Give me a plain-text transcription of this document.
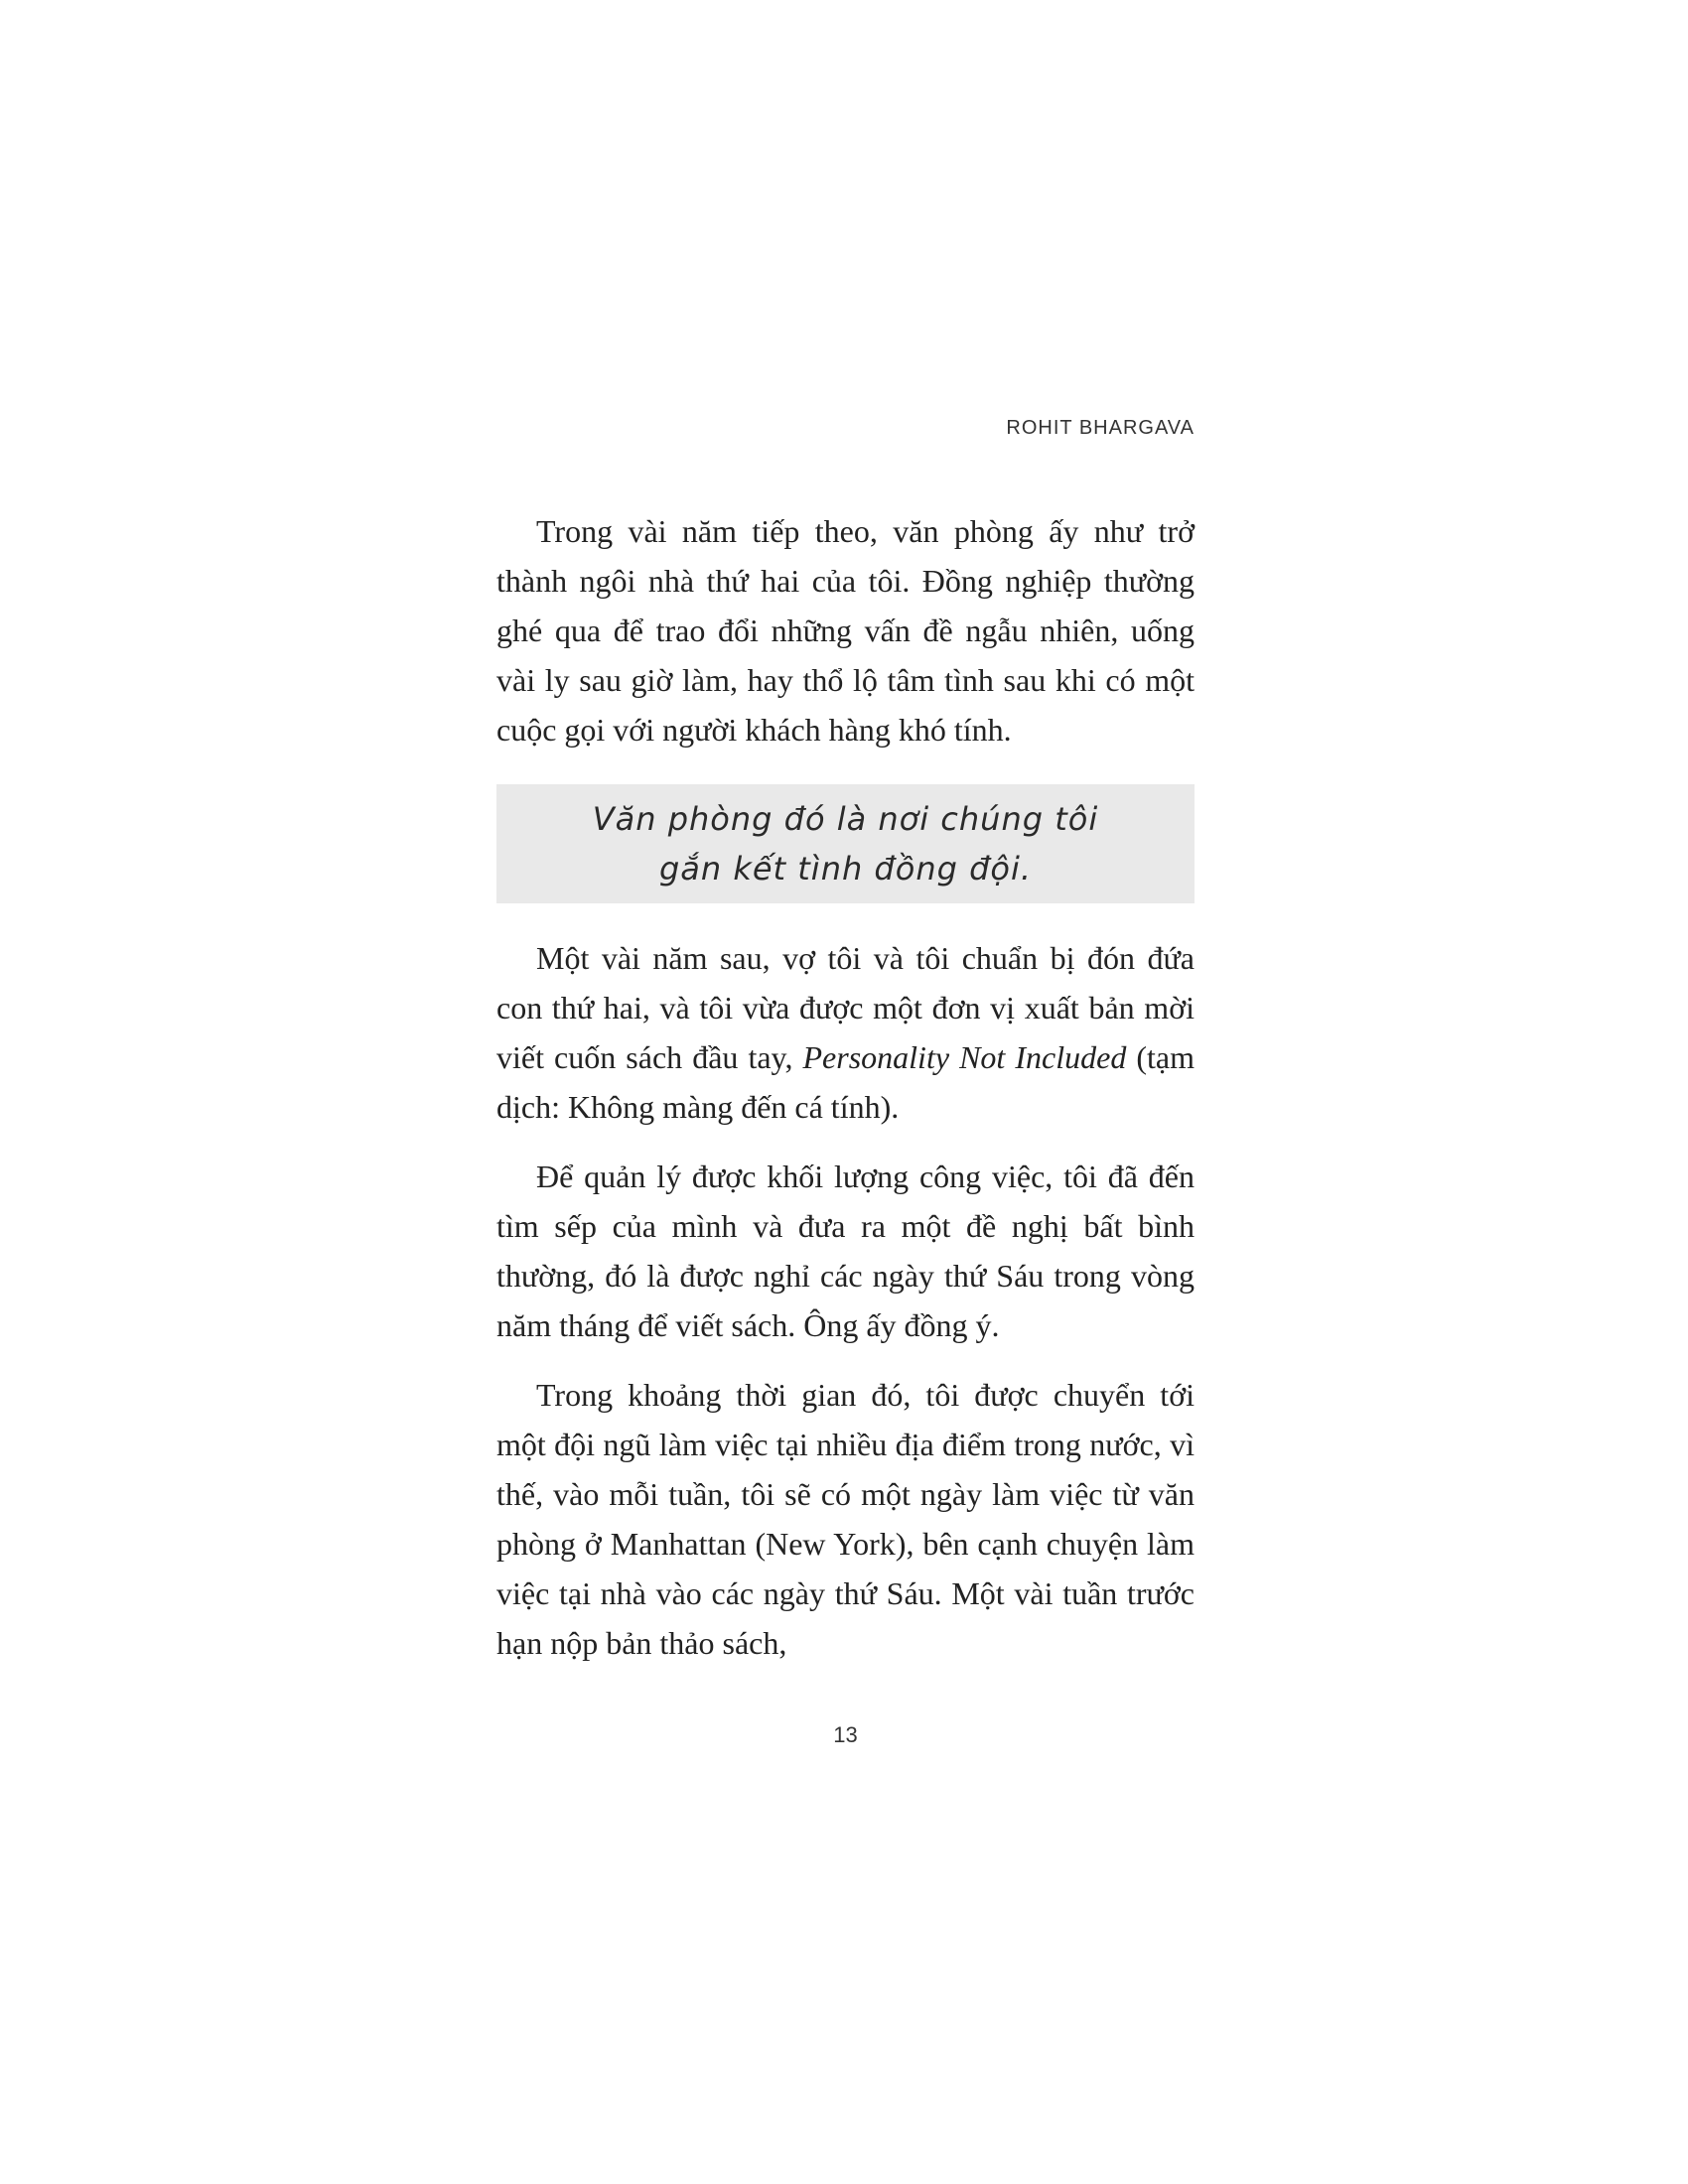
ROHIT BHARGAVA

Trong vài năm tiếp theo, văn phòng ấy như trở thành ngôi nhà thứ hai của tôi. Đồng nghiệp thường ghé qua để trao đổi những vấn đề ngẫu nhiên, uống vài ly sau giờ làm, hay thổ lộ tâm tình sau khi có một cuộc gọi với người khách hàng khó tính.

Văn phòng đó là nơi chúng tôi
gắn kết tình đồng đội.

Một vài năm sau, vợ tôi và tôi chuẩn bị đón đứa con thứ hai, và tôi vừa được một đơn vị xuất bản mời viết cuốn sách đầu tay, Personality Not Included (tạm dịch: Không màng đến cá tính).

Để quản lý được khối lượng công việc, tôi đã đến tìm sếp của mình và đưa ra một đề nghị bất bình thường, đó là được nghỉ các ngày thứ Sáu trong vòng năm tháng để viết sách. Ông ấy đồng ý.

Trong khoảng thời gian đó, tôi được chuyển tới một đội ngũ làm việc tại nhiều địa điểm trong nước, vì thế, vào mỗi tuần, tôi sẽ có một ngày làm việc từ văn phòng ở Manhattan (New York), bên cạnh chuyện làm việc tại nhà vào các ngày thứ Sáu. Một vài tuần trước hạn nộp bản thảo sách,

13
